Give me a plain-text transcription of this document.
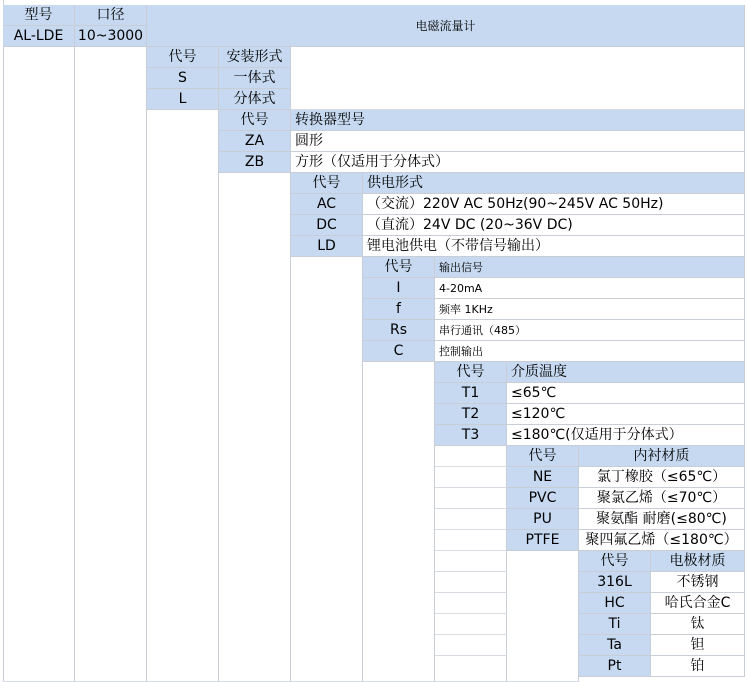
型号	口径
电磁流量计
AL-LDE	10~3000
代号	安装形式
S	一体式
L	分体式
代号	转换器型号
ZA	圆形
ZB	方形（仅适用于分体式）
代号	供电形式
AC	（交流）220V AC 50Hz(90~245V AC 50Hz)
DC	（直流）24V DC (20~36V DC)
LD	锂电池供电（不带信号输出）
代号	输出信号
I	4-20mA
f	频率 1KHz
Rs	串行通讯（485）
C	控制输出
代号	介质温度
T1	≤65℃
T2	≤120℃
T3	≤180℃(仅适用于分体式）
代号	内衬材质
NE	氯丁橡胶（≤65℃）
PVC	聚氯乙烯（≤70℃）
PU	聚氨酯 耐磨(≤80℃)
PTFE	聚四氟乙烯（≤180℃）
代号	电极材质
316L	不锈钢
HC	哈氏合金C
Ti	钛
Ta	钽
Pt	铂
